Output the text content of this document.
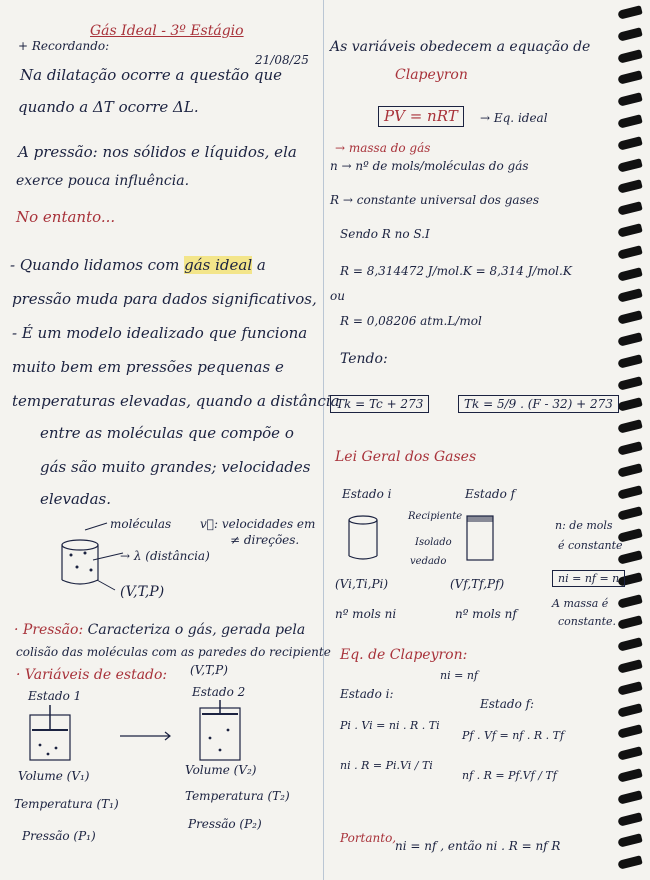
Gás Ideal - 3º Estágio
+ Recordando:
21/08/25
Na dilatação ocorre a questão que
quando a ΔT ocorre ΔL.
A pressão: nos sólidos e líquidos, ela
exerce pouca influência.
No entanto...
- Quando lidamos com gás ideal a
pressão muda para dados significativos,
- É um modelo idealizado que funciona
muito bem em pressões pequenas e
temperaturas elevadas, quando a distância
entre as moléculas que compõe o
gás são muito grandes; velocidades
elevadas.
moléculas v⃗: velocidades em
≠ direções.
→ λ (distância)
(V,T,P)
· Pressão: Caracteriza o gás, gerada pela
colisão das moléculas com as paredes do recipiente
· Variáveis de estado: (V,T,P)
Estado 1	Estado 2
Volume (V₁)
Temperatura (T₁)
Pressão (P₁)
Volume (V₂)
Temperatura (T₂)
Pressão (P₂)
As variáveis obedecem a equação de
Clapeyron
PV = nRT	→ Eq. ideal
→ massa do gás
n → nº de mols/moléculas do gás
R → constante universal dos gases
Sendo R no S.I
R = 8,314472 J/mol.K = 8,314 J/mol.K
ou
R = 0,08206 atm.L/mol
Tendo:
Tk = Tc + 273	Tk = 5/9 . (F - 32) + 273
Lei Geral dos Gases
Estado i	Estado f
Recipiente
Isolado
vedado
(Vi,Ti,Pi)	(Vf,Tf,Pf)
nº mols ni	nº mols nf
n: de mols
é constante
ni = nf = n
A massa é
constante.
Eq. de Clapeyron:
ni = nf
Estado i:
Estado f:
Pi . Vi = ni . R . Ti
ni . R = Pi.Vi / Ti
Pf . Vf = nf . R . Tf
nf . R = Pf.Vf / Tf
Portanto,
ni = nf , então ni . R = nf R
